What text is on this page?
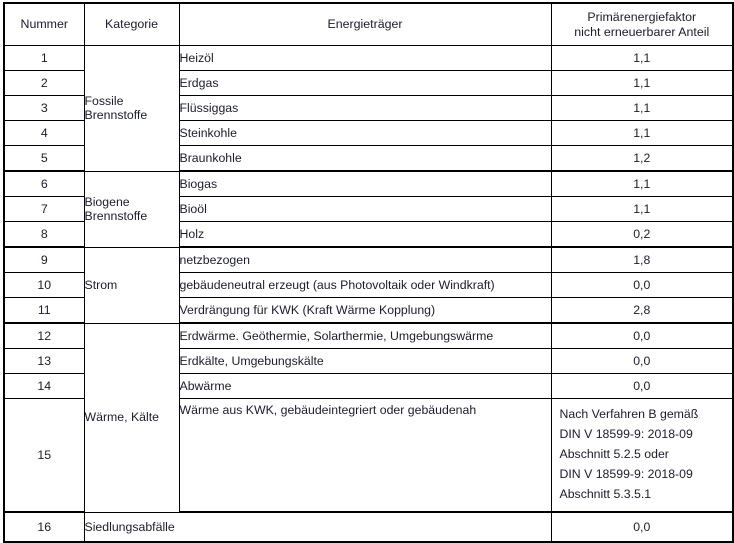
Nummer	Kategorie	Energieträger	Primärenergiefaktor
nicht erneuerbarer Anteil

1	Fossile Brennstoffe	Heizöl	1,1
2		Erdgas	1,1
3		Flüssiggas	1,1
4		Steinkohle	1,1
5		Braunkohle	1,2
6	Biogene Brennstoffe	Biogas	1,1
7		Bioöl	1,1
8		Holz	0,2
9	Strom	netzbezogen	1,8
10		gebäudeneutral erzeugt (aus Photovoltaik oder Windkraft)	0,0
11		Verdrängung für KWK (Kraft Wärme Kopplung)	2,8
12	Wärme, Kälte	Erdwärme. Geöthermie, Solarthermie, Umgebungswärme	0,0
13		Erdkälte, Umgebungskälte	0,0
14		Abwärme	0,0
15		Wärme aus KWK, gebäudeintegriert oder gebäudenah	Nach Verfahren B gemäß
DIN V 18599-9: 2018-09
Abschnitt 5.2.5 oder
DIN V 18599-9: 2018-09
Abschnitt 5.3.5.1

16	Siedlungsabfälle		0,0
